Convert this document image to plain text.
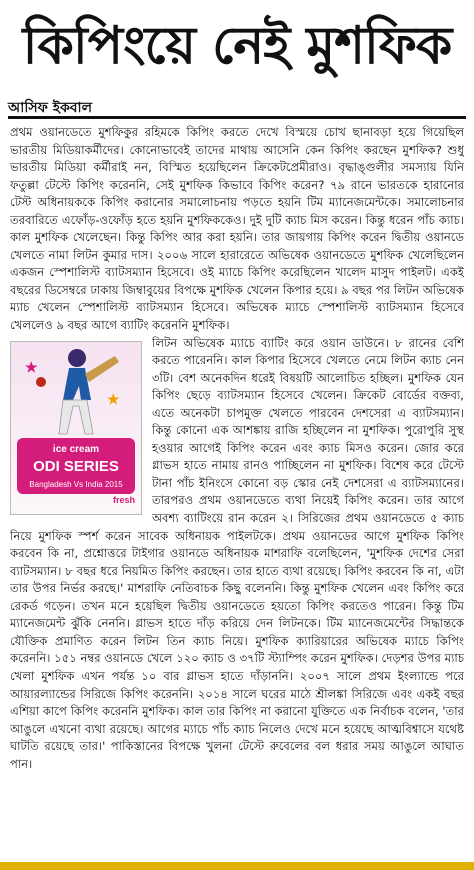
কিপিংয়ে নেই মুশফিক
আসিফ ইকবাল

প্রথম ওয়ানডেতে মুশফিকুর রহিমকে কিপিং করতে দেখে বিস্ময়ে চোখ ছানাবড়া হয়ে গিয়েছিল ভারতীয় মিডিয়াকর্মীদের। কোনোভাবেই তাদের মাথায় আসেনি কেন কিপিং করছেন মুশফিক? শুধু ভারতীয় মিডিয়া কর্মীরাই নন, বিস্মিত হয়েছিলেন ক্রিকেটপ্রেমীরাও। বৃদ্ধাঙ্গুলীর সমস্যায় যিনি ফতুল্লা টেস্টে কিপিং করেননি, সেই মুশফিক কিভাবে কিপিং করেন? ৭৯ রানে ভারতকে হারানোর টেস্ট অধিনায়ককে কিপিং করানোর সমালোচনায় পড়তে হয়নি টিম ম্যানেজমেন্টকে। সমালোচনার তরবারিতে এফোঁড়-ওফোঁড় হতে হয়নি মুশফিককেও। দুই দুটি ক্যাচ মিস করেন। কিন্তু ধরেন পাঁচ ক্যাচ। কাল মুশফিক খেলেছেন। কিন্তু কিপিং আর করা হয়নি। তার জায়গায় কিপিং করেন দ্বিতীয় ওয়ানডে খেলতে নামা লিটন কুমার দাস। ২০০৬ সালে হারারেতে অভিষেক ওয়ানডেতে মুশফিক খেলেছিলেন একজন স্পেশালিস্ট ব্যাটসম্যান হিসেবে। ওই ম্যাচে কিপিং করেছিলেন খালেদ মাসুদ পাইলট। একই বছরের ডিসেম্বরে ঢাকায় জিম্বাবুয়ের বিপক্ষে মুশফিক খেলেন কিপার হয়ে। ৯ বছর পর লিটন অভিষেক ম্যাচ খেলেন স্পেশালিস্ট ব্যাটসম্যান হিসেবে। অভিষেক ম্যাচে স্পেশালিস্ট ব্যাটসম্যান হিসেবে খেললেও ৯ বছর আগে ব্যাটিং করেননি মুশফিক।

★
★
ice cream
ODI SERIES
Bangladesh Vs India 2015
fresh

লিটন অভিষেক ম্যাচে ব্যাটিং করে ওয়ান ডাউনে। ৮ রানের বেশি করতে পারেননি। কাল কিপার হিসেবে খেলতে নেমে লিটন ক্যাচ নেন ৩টি। বেশ অনেকদিন ধরেই বিষয়টি আলোচিত হচ্ছিল। মুশফিক যেন কিপিং ছেড়ে ব্যাটসম্যান হিসেবে খেলেন। ক্রিকেট বোর্ডের বক্তব্য, এতে অনেকটা চাপমুক্ত খেলতে পারবেন দেশসেরা এ ব্যাটসম্যান। কিন্তু কোনো এক আশঙ্কায় রাজি হচ্ছিলেন না মুশফিক। পুরোপুরি সুস্থ হওয়ার আগেই কিপিং করেন এবং ক্যাচ মিসও করেন। জোর করে গ্লাভস হাতে নামায় রানও পাচ্ছিলেন না মুশফিক। বিশেষ করে টেস্টে টানা পাঁচ ইনিংসে কোনো বড় স্কোর নেই দেশসেরা এ ব্যাটসম্যানের। তারপরও প্রথম ওয়ানডেতে ব্যথা নিয়েই কিপিং করেন। তার আগে অবশ্য ব্যাটিংয়ে রান করেন ২। সিরিজের প্রথম ওয়ানডেতে ৫ ক্যাচ নিয়ে মুশফিক স্পর্শ করেন সাবেক অধিনায়ক পাইলটকে। প্রথম ওয়ানডের আগে মুশফিক কিপিং করবেন কি না, প্রশ্নোত্তরে টাইগার ওয়ানডে অধিনায়ক মাশরাফি বলেছিলেন, 'মুশফিক দেশের সেরা ব্যাটসম্যান। ৮ বছর ধরে নিয়মিত কিপিং করছেন। তার হাতে ব্যথা রয়েছে। কিপিং করবেন কি না, এটা তার উপর নির্ভর করছে।' মাশরাফি নেতিবাচক কিছু বলেননি। কিন্তু মুশফিক খেলেন এবং কিপিং করে রেকর্ড গড়েন। তখন মনে হয়েছিল দ্বিতীয় ওয়ানডেতে হয়তো কিপিং করতেও পারেন। কিন্তু টিম ম্যানেজমেন্ট ঝুঁকি নেননি। গ্লাভস হাতে দাঁড় করিয়ে দেন লিটনকে। টিম ম্যানেজমেন্টের সিদ্ধান্তকে যৌক্তিক প্রমাণিত করেন লিটন তিন ক্যাচ নিয়ে। মুশফিক ক্যারিয়ারের অভিষেক ম্যাচে কিপিং করেননি। ১৫১ নম্বর ওয়ানডে খেলে ১২০ ক্যাচ ও ৩৭টি স্ট্যাম্পিং করেন মুশফিক। দেড়শর উপর ম্যাচ খেলা মুশফিক এখন পর্যন্ত ১০ বার গ্লাভস হাতে দাঁড়াননি। ২০০৭ সালে প্রথম ইংল্যান্ডে পরে আয়ারল্যান্ডের সিরিজে কিপিং করেননি। ২০১৪ সালে ঘরের মাঠে শ্রীলঙ্কা সিরিজে এবং একই বছর এশিয়া কাপে কিপিং করেননি মুশফিক। কাল তার কিপিং না করানো যুক্তিতে এক নির্বাচক বলেন, 'তার আঙুলে এখনো ব্যথা রয়েছে। আগের ম্যাচে পাঁচ ক্যাচ নিলেও দেখে মনে হয়েছে আত্মবিশ্বাসে যথেষ্ট ঘাটতি রয়েছে তার।' পাকিস্তানের বিপক্ষে খুলনা টেস্টে রুবেলের বল ধরার সময় আঙুলে আঘাত পান।
